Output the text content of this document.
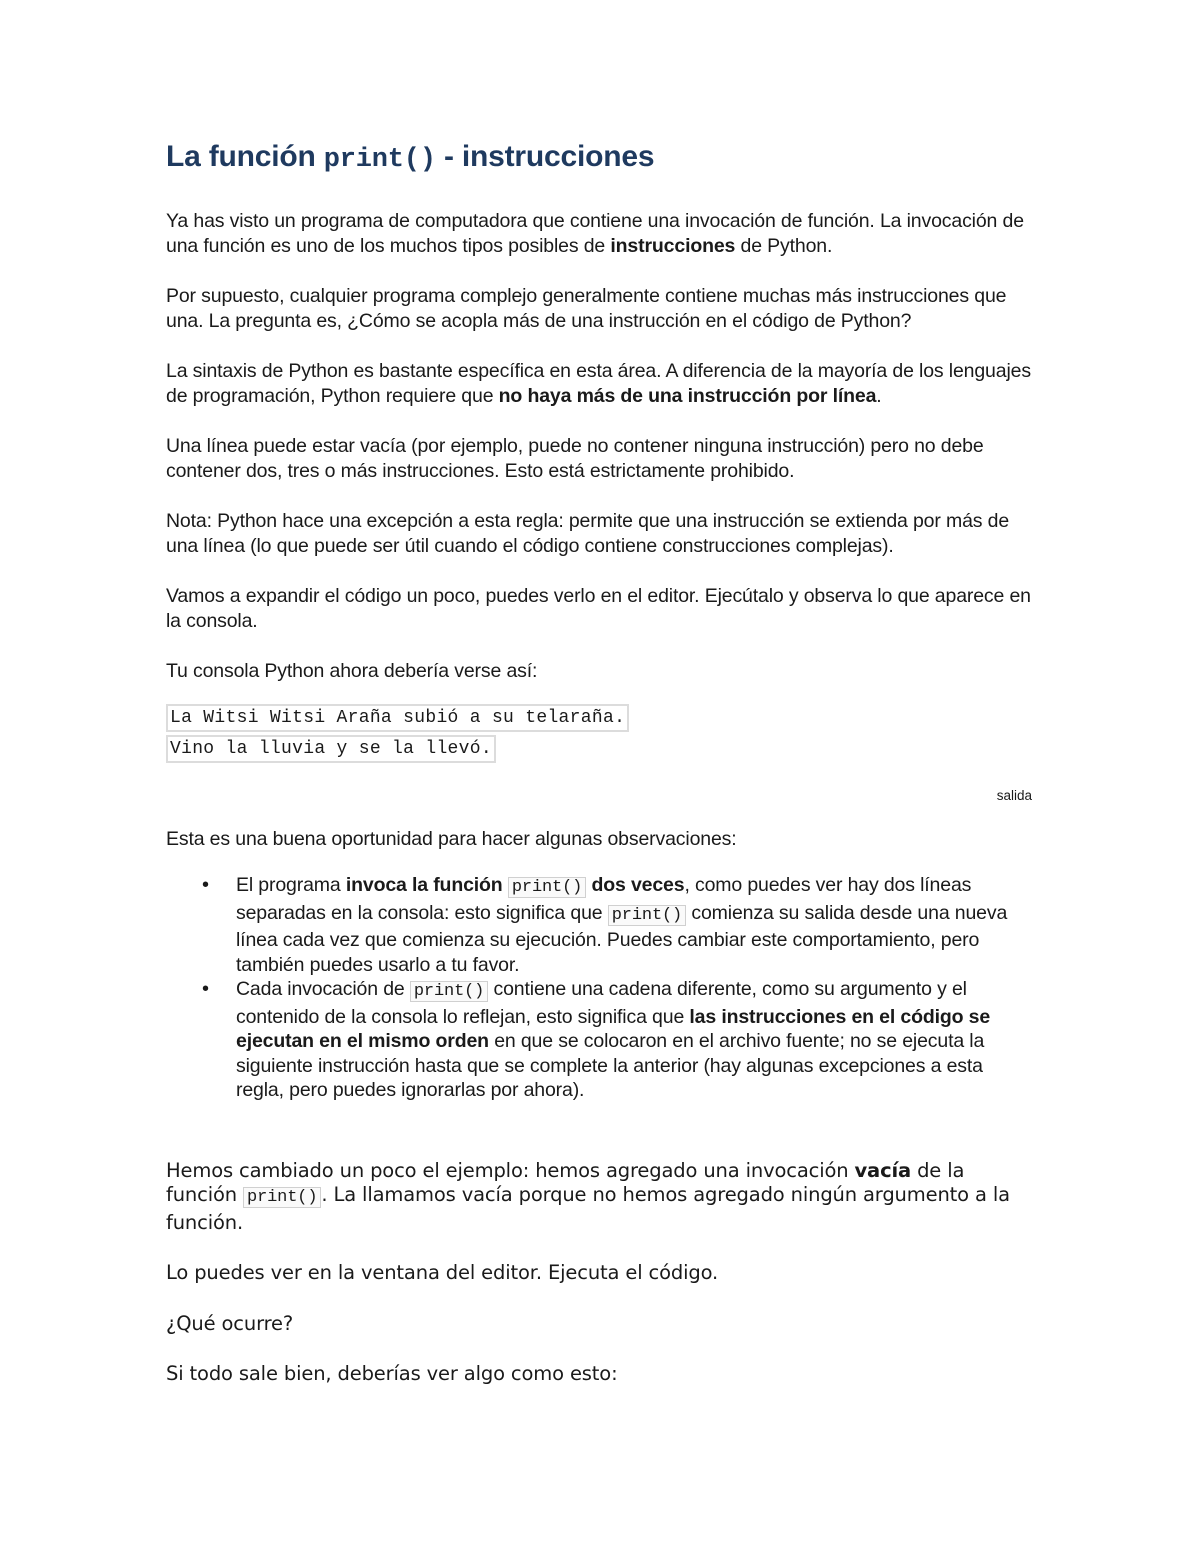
La función print() - instrucciones

Ya has visto un programa de computadora que contiene una invocación de función. La invocación de una función es uno de los muchos tipos posibles de instrucciones de Python.

Por supuesto, cualquier programa complejo generalmente contiene muchas más instrucciones que una. La pregunta es, ¿Cómo se acopla más de una instrucción en el código de Python?

La sintaxis de Python es bastante específica en esta área. A diferencia de la mayoría de los lenguajes de programación, Python requiere que no haya más de una instrucción por línea.

Una línea puede estar vacía (por ejemplo, puede no contener ninguna instrucción) pero no debe contener dos, tres o más instrucciones. Esto está estrictamente prohibido.

Nota: Python hace una excepción a esta regla: permite que una instrucción se extienda por más de una línea (lo que puede ser útil cuando el código contiene construcciones complejas).

Vamos a expandir el código un poco, puedes verlo en el editor. Ejecútalo y observa lo que aparece en la consola.

Tu consola Python ahora debería verse así:

La Witsi Witsi Araña subió a su telaraña.
Vino la lluvia y se la llevó.
salida

Esta es una buena oportunidad para hacer algunas observaciones:

• El programa invoca la función print() dos veces, como puedes ver hay dos líneas separadas en la consola: esto significa que print() comienza su salida desde una nueva línea cada vez que comienza su ejecución. Puedes cambiar este comportamiento, pero también puedes usarlo a tu favor.
• Cada invocación de print() contiene una cadena diferente, como su argumento y el contenido de la consola lo reflejan, esto significa que las instrucciones en el código se ejecutan en el mismo orden en que se colocaron en el archivo fuente; no se ejecuta la siguiente instrucción hasta que se complete la anterior (hay algunas excepciones a esta regla, pero puedes ignorarlas por ahora).

Hemos cambiado un poco el ejemplo: hemos agregado una invocación vacía de la función print() . La llamamos vacía porque no hemos agregado ningún argumento a la función.

Lo puedes ver en la ventana del editor. Ejecuta el código.

¿Qué ocurre?

Si todo sale bien, deberías ver algo como esto:
